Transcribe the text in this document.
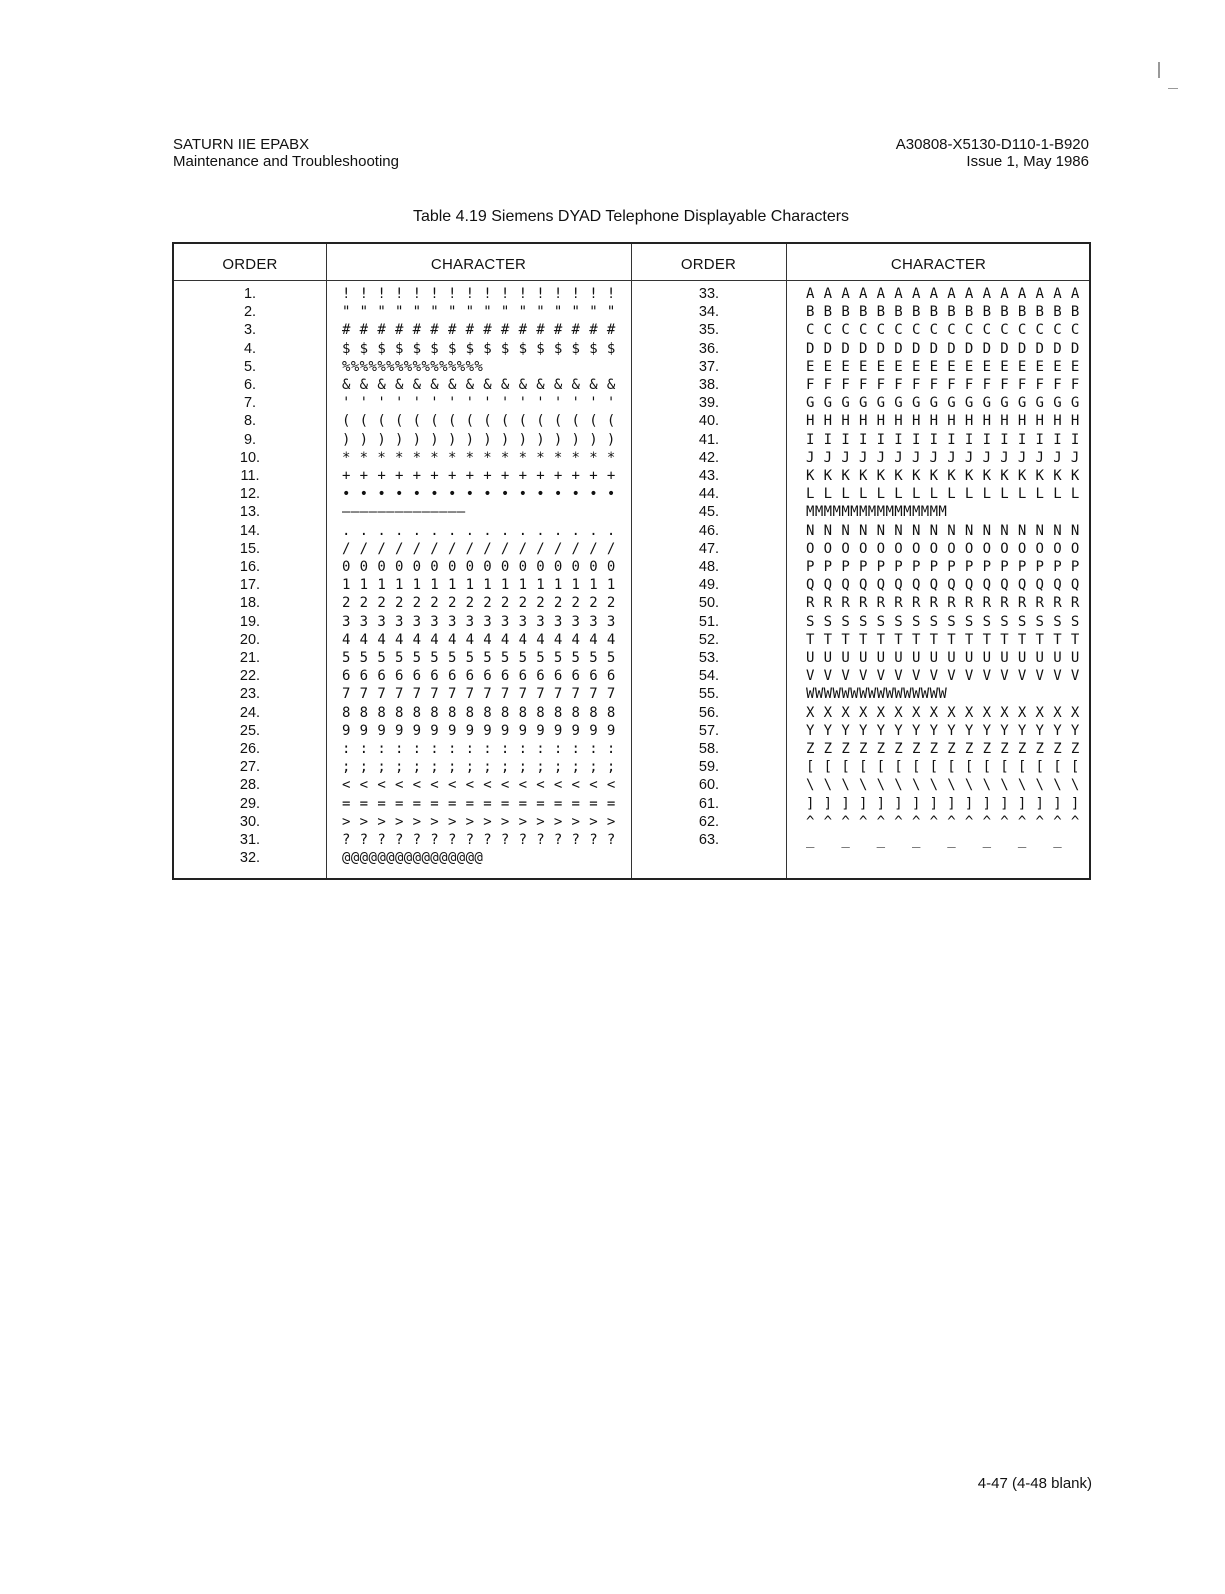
SATURN IIE EPABX
Maintenance and Troubleshooting
A30808-X5130-D110-1-B920
Issue 1, May 1986
Table 4.19 Siemens DYAD Telephone Displayable Characters
ORDER	CHARACTER	ORDER	CHARACTER
1.	! ! ! ! ! ! ! ! ! ! ! ! ! ! ! !	33.	A A A A A A A A A A A A A A A A
2.	" " " " " " " " " " " " " " " "	34.	B B B B B B B B B B B B B B B B
3.	# # # # # # # # # # # # # # # #	35.	C C C C C C C C C C C C C C C C
4.	$ $ $ $ $ $ $ $ $ $ $ $ $ $ $ $	36.	D D D D D D D D D D D D D D D D
5.	%%%%%%%%%%%%%%%%	37.	E E E E E E E E E E E E E E E E
6.	& & & & & & & & & & & & & & & &	38.	F F F F F F F F F F F F F F F F
7.	' ' ' ' ' ' ' ' ' ' ' ' ' ' ' '	39.	G G G G G G G G G G G G G G G G
8.	( ( ( ( ( ( ( ( ( ( ( ( ( ( ( (	40.	H H H H H H H H H H H H H H H H
9.	) ) ) ) ) ) ) ) ) ) ) ) ) ) ) )	41.	I I I I I I I I I I I I I I I I
10.	* * * * * * * * * * * * * * * *	42.	J J J J J J J J J J J J J J J J
11.	+ + + + + + + + + + + + + + + +	43.	K K K K K K K K K K K K K K K K
12.	• • • • • • • • • • • • • • • •	44.	L L L L L L L L L L L L L L L L
13.	——————————————	45.	MMMMMMMMMMMMMMMM
14.	. . . . . . . . . . . . . . . .	46.	N N N N N N N N N N N N N N N N
15.	/ / / / / / / / / / / / / / / /	47.	O O O O O O O O O O O O O O O O
16.	0 0 0 0 0 0 0 0 0 0 0 0 0 0 0 0	48.	P P P P P P P P P P P P P P P P
17.	1 1 1 1 1 1 1 1 1 1 1 1 1 1 1 1	49.	Q Q Q Q Q Q Q Q Q Q Q Q Q Q Q Q
18.	2 2 2 2 2 2 2 2 2 2 2 2 2 2 2 2	50.	R R R R R R R R R R R R R R R R
19.	3 3 3 3 3 3 3 3 3 3 3 3 3 3 3 3	51.	S S S S S S S S S S S S S S S S
20.	4 4 4 4 4 4 4 4 4 4 4 4 4 4 4 4	52.	T T T T T T T T T T T T T T T T
21.	5 5 5 5 5 5 5 5 5 5 5 5 5 5 5 5	53.	U U U U U U U U U U U U U U U U
22.	6 6 6 6 6 6 6 6 6 6 6 6 6 6 6 6	54.	V V V V V V V V V V V V V V V V
23.	7 7 7 7 7 7 7 7 7 7 7 7 7 7 7 7	55.	WWWWWWWWWWWWWWWW
24.	8 8 8 8 8 8 8 8 8 8 8 8 8 8 8 8	56.	X X X X X X X X X X X X X X X X
25.	9 9 9 9 9 9 9 9 9 9 9 9 9 9 9 9	57.	Y Y Y Y Y Y Y Y Y Y Y Y Y Y Y Y
26.	: : : : : : : : : : : : : : : :	58.	Z Z Z Z Z Z Z Z Z Z Z Z Z Z Z Z
27.	; ; ; ; ; ; ; ; ; ; ; ; ; ; ; ;	59.	[ [ [ [ [ [ [ [ [ [ [ [ [ [ [ [
28.	< < < < < < < < < < < < < < < <	60.	\ \ \ \ \ \ \ \ \ \ \ \ \ \ \ \
29.	= = = = = = = = = = = = = = = =	61.	] ] ] ] ] ] ] ] ] ] ] ] ] ] ] ]
30.	> > > > > > > > > > > > > > > >	62.	^ ^ ^ ^ ^ ^ ^ ^ ^ ^ ^ ^ ^ ^ ^ ^
31.	? ? ? ? ? ? ? ? ? ? ? ? ? ? ? ?	63.	_   _   _   _   _   _   _   _
32.	@@@@@@@@@@@@@@@@
4-47 (4-48 blank)
